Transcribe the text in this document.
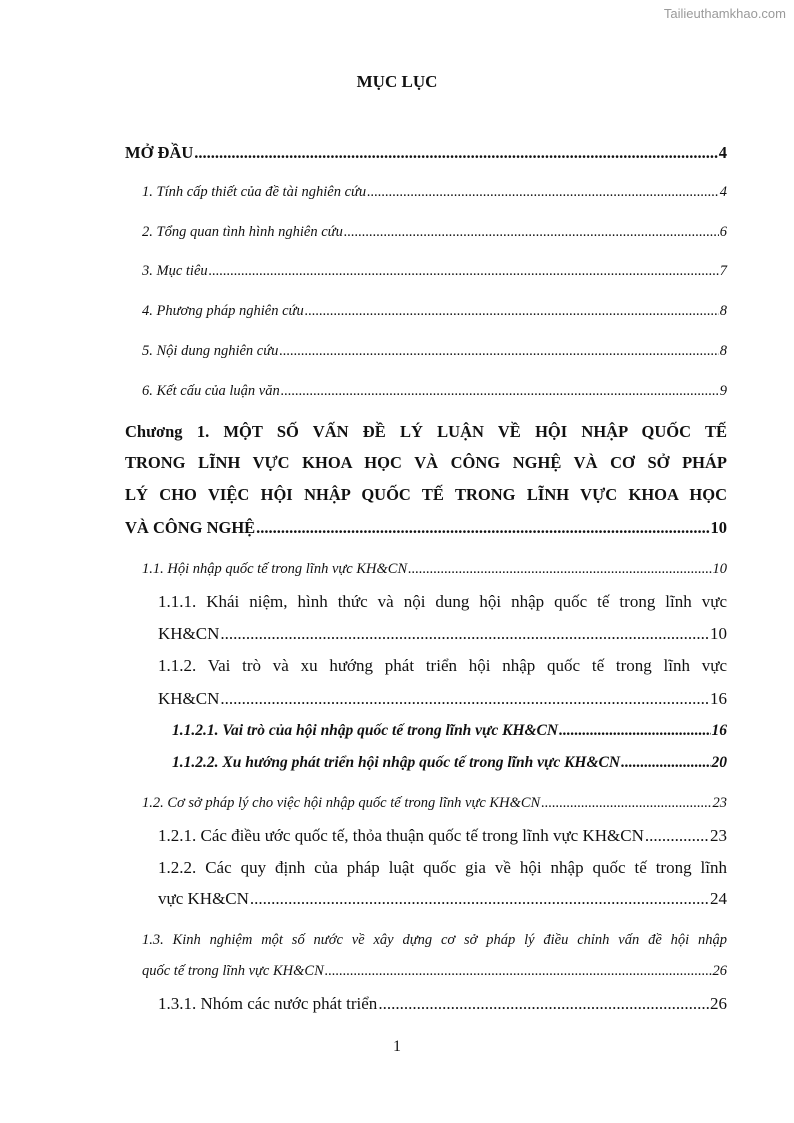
Tailieuthamkhao.com
MỤC LỤC
MỞ ĐẦU .....	4
1. Tính cấp thiết của đề tài nghiên cứu .....	4
2. Tổng quan tình hình nghiên cứu .....	6
3. Mục tiêu .....	7
4. Phương pháp nghiên cứu .....	8
5. Nội dung nghiên cứu .....	8
6. Kết cấu của luận văn .....	9
Chương 1. MỘT SỐ VẤN ĐỀ LÝ LUẬN VỀ HỘI NHẬP QUỐC TẾ
TRONG LĨNH VỰC KHOA HỌC VÀ CÔNG NGHỆ VÀ CƠ SỞ PHÁP
LÝ CHO VIỆC HỘI NHẬP QUỐC TẾ TRONG LĨNH VỰC KHOA HỌC
VÀ CÔNG NGHỆ .....	10
1.1. Hội nhập quốc tế trong lĩnh vực KH&CN .....	10
1.1.1. Khái niệm, hình thức và nội dung hội nhập quốc tế trong lĩnh vực
KH&CN .....	10
1.1.2. Vai trò và xu hướng phát triển hội nhập quốc tế trong lĩnh vực
KH&CN .....	16
1.1.2.1. Vai trò của hội nhập quốc tế trong lĩnh vực KH&CN .....	16
1.1.2.2. Xu hướng phát triển hội nhập quốc tế trong lĩnh vực KH&CN .....	20
1.2. Cơ sở pháp lý cho việc hội nhập quốc tế trong lĩnh vực KH&CN .....	23
1.2.1. Các điều ước quốc tế, thỏa thuận quốc tế trong lĩnh vực KH&CN .....	23
1.2.2. Các quy định của pháp luật quốc gia về hội nhập quốc tế trong lĩnh
vực KH&CN .....	24
1.3. Kinh nghiệm một số nước về xây dựng cơ sở pháp lý điều chỉnh vấn đề hội nhập
quốc tế trong lĩnh vực KH&CN .....	26
1.3.1. Nhóm các nước phát triển .....	26
1
